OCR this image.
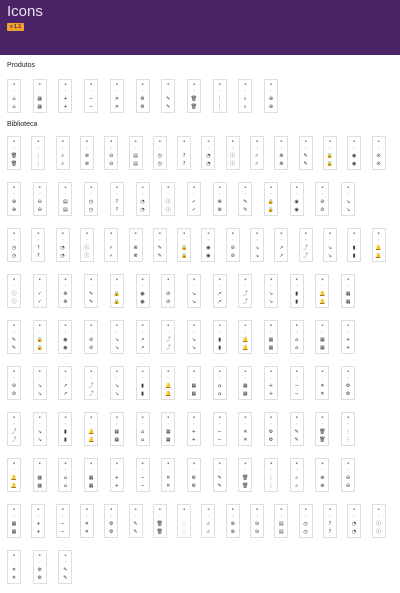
Icons
v 1.1
Produtos
Biblioteca
▪
◦
⌂
⌂
▪
◦
▦
▦
▪
◦
+
+
▪
◦
−
−
▪
◦
✕
✕
▪
◦
⚙
⚙
▪
◦
✎
✎
▪
◦
🗑
🗑
▪
◦
⋮
⋮
▪
◦
⌕
⌕
▪
◦
⊕
⊕
▪
◦
🗑
🗑
▪
◦
⋮
⋮
▪
◦
⌕
⌕
▪
◦
⊕
⊕
▪
◦
⊖
⊖
▪
◦
▤
▤
▪
◦
◷
◷
▪
◦
?
?
▪
◦
◔
◔
▪
◦
ⓘ
ⓘ
▪
◦
✓
✓
▪
◦
⊗
⊗
▪
◦
✎
✎
▪
◦
🔒
🔒
▪
◦
◉
◉
▪
◦
⊘
⊘
▪
◦
⊕
⊕
▪
◦
⊖
⊖
▪
◦
▤
▤
▪
◦
◷
◷
▪
◦
?
?
▪
◦
◔
◔
▪
◦
ⓘ
ⓘ
▪
◦
✓
✓
▪
◦
⊗
⊗
▪
◦
✎
✎
▪
◦
🔒
🔒
▪
◦
◉
◉
▪
◦
⊘
⊘
▪
◦
↘
↘
▪
◦
◷
◷
▪
◦
?
?
▪
◦
◔
◔
▪
◦
ⓘ
ⓘ
▪
◦
✓
✓
▪
◦
⊗
⊗
▪
◦
✎
✎
▪
◦
🔒
🔒
▪
◦
◉
◉
▪
◦
⊘
⊘
▪
◦
↘
↘
▪
◦
↗
↗
▪
◦
⤴
⤴
▪
◦
↘
↘
▪
◦
▮
▮
▪
◦
🔔
🔔
▪
◦
ⓘ
ⓘ
▪
◦
✓
✓
▪
◦
⊗
⊗
▪
◦
✎
✎
▪
◦
🔒
🔒
▪
◦
◉
◉
▪
◦
⊘
⊘
▪
◦
↘
↘
▪
◦
↗
↗
▪
◦
⤴
⤴
▪
◦
↘
↘
▪
◦
▮
▮
▪
◦
🔔
🔔
▪
◦
▦
▦
▪
◦
✎
✎
▪
◦
🔒
🔒
▪
◦
◉
◉
▪
◦
⊘
⊘
▪
◦
↘
↘
▪
◦
↗
↗
▪
◦
⤴
⤴
▪
◦
↘
↘
▪
◦
▮
▮
▪
◦
🔔
🔔
▪
◦
▦
▦
▪
◦
⌂
⌂
▪
◦
▦
▦
▪
◦
+
+
▪
◦
⊘
⊘
▪
◦
↘
↘
▪
◦
↗
↗
▪
◦
⤴
⤴
▪
◦
↘
↘
▪
◦
▮
▮
▪
◦
🔔
🔔
▪
◦
▦
▦
▪
◦
⌂
⌂
▪
◦
▦
▦
▪
◦
+
+
▪
◦
−
−
▪
◦
✕
✕
▪
◦
⚙
⚙
▪
◦
⤴
⤴
▪
◦
↘
↘
▪
◦
▮
▮
▪
◦
🔔
🔔
▪
◦
▦
▦
▪
◦
⌂
⌂
▪
◦
▦
▦
▪
◦
+
+
▪
◦
−
−
▪
◦
✕
✕
▪
◦
⚙
⚙
▪
◦
✎
✎
▪
◦
🗑
🗑
▪
◦
⋮
⋮
▪
◦
🔔
🔔
▪
◦
▦
▦
▪
◦
⌂
⌂
▪
◦
▦
▦
▪
◦
+
+
▪
◦
−
−
▪
◦
✕
✕
▪
◦
⚙
⚙
▪
◦
✎
✎
▪
◦
🗑
🗑
▪
◦
⋮
⋮
▪
◦
⌕
⌕
▪
◦
⊕
⊕
▪
◦
⊖
⊖
▪
◦
▦
▦
▪
◦
+
+
▪
◦
−
−
▪
◦
✕
✕
▪
◦
⚙
⚙
▪
◦
✎
✎
▪
◦
🗑
🗑
▪
◦
⋮
⋮
▪
◦
⌕
⌕
▪
◦
⊕
⊕
▪
◦
⊖
⊖
▪
◦
▤
▤
▪
◦
◷
◷
▪
◦
?
?
▪
◦
◔
◔
▪
◦
ⓘ
ⓘ
▪
◦
✕
✕
▪
◦
⚙
⚙
▪
◦
✎
✎
